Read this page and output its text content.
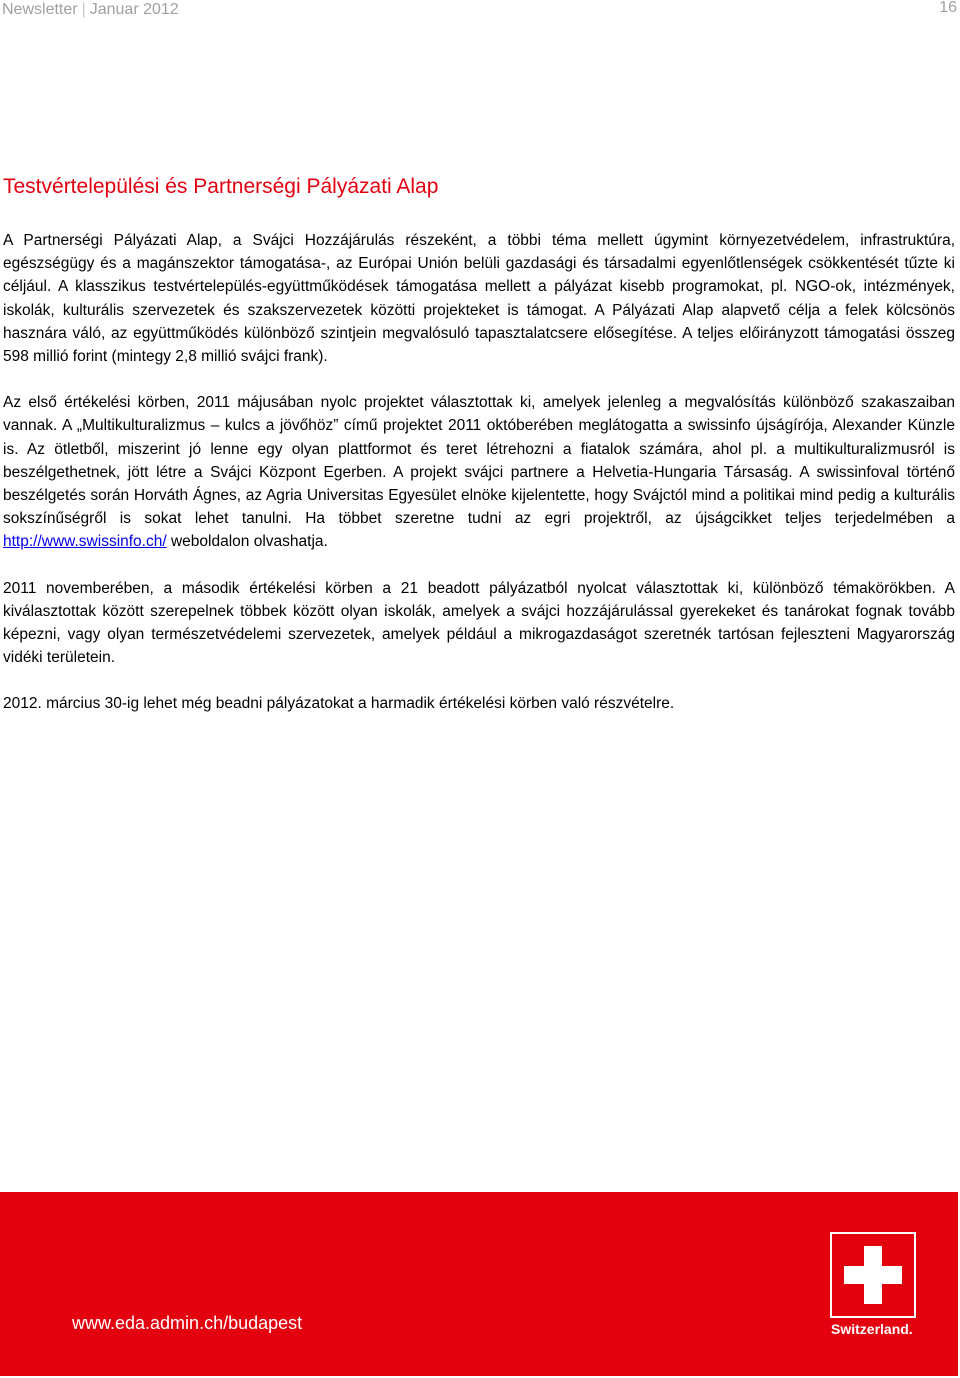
Newsletter | Januar 2012	16
Testvértelepülési és Partnerségi Pályázati Alap

A Partnerségi Pályázati Alap, a Svájci Hozzájárulás részeként, a többi téma mellett úgymint környezetvédelem, infrastruktúra, egészségügy és a magánszektor támogatása-, az Európai Unión belüli gazdasági és társadalmi egyenlőtlenségek csökkentését tűzte ki céljául. A klasszikus testvértelepülés-együttműködések támogatása mellett a pályázat kisebb programokat, pl. NGO-ok, intézmények, iskolák, kulturális szervezetek és szakszervezetek közötti projekteket is támogat. A Pályázati Alap alapvető célja a felek kölcsönös hasznára váló, az együttműködés különböző szintjein megvalósuló tapasztalatcsere elősegítése. A teljes előirányzott támogatási összeg 598 millió forint (mintegy 2,8 millió svájci frank).

Az első értékelési körben, 2011 májusában nyolc projektet választottak ki, amelyek jelenleg a megvalósítás különböző szakaszaiban vannak. A „Multikulturalizmus – kulcs a jövőhöz” című projektet 2011 októberében meglátogatta a swissinfo újságírója, Alexander Künzle is. Az ötletből, miszerint jó lenne egy olyan plattformot és teret létrehozni a fiatalok számára, ahol pl. a multikulturalizmusról is beszélgethetnek, jött létre a Svájci Központ Egerben. A projekt svájci partnere a Helvetia-Hungaria Társaság. A swissinfoval történő beszélgetés során Horváth Ágnes, az Agria Universitas Egyesület elnöke kijelentette, hogy Svájctól mind a politikai mind pedig a kulturális sokszínűségről is sokat lehet tanulni. Ha többet szeretne tudni az egri projektről, az újságcikket teljes terjedelmében a http://www.swissinfo.ch/ weboldalon olvashatja.

2011 novemberében, a második értékelési körben a 21 beadott pályázatból nyolcat választottak ki, különböző témakörökben. A kiválasztottak között szerepelnek többek között olyan iskolák, amelyek a svájci hozzájárulással gyerekeket és tanárokat fognak tovább képezni, vagy olyan természetvédelemi szervezetek, amelyek például a mikrogazdaságot szeretnék tartósan fejleszteni Magyarország vidéki területein.

2012. március 30-ig lehet még beadni pályázatokat a harmadik értékelési körben való részvételre.

www.eda.admin.ch/budapest	Switzerland.
